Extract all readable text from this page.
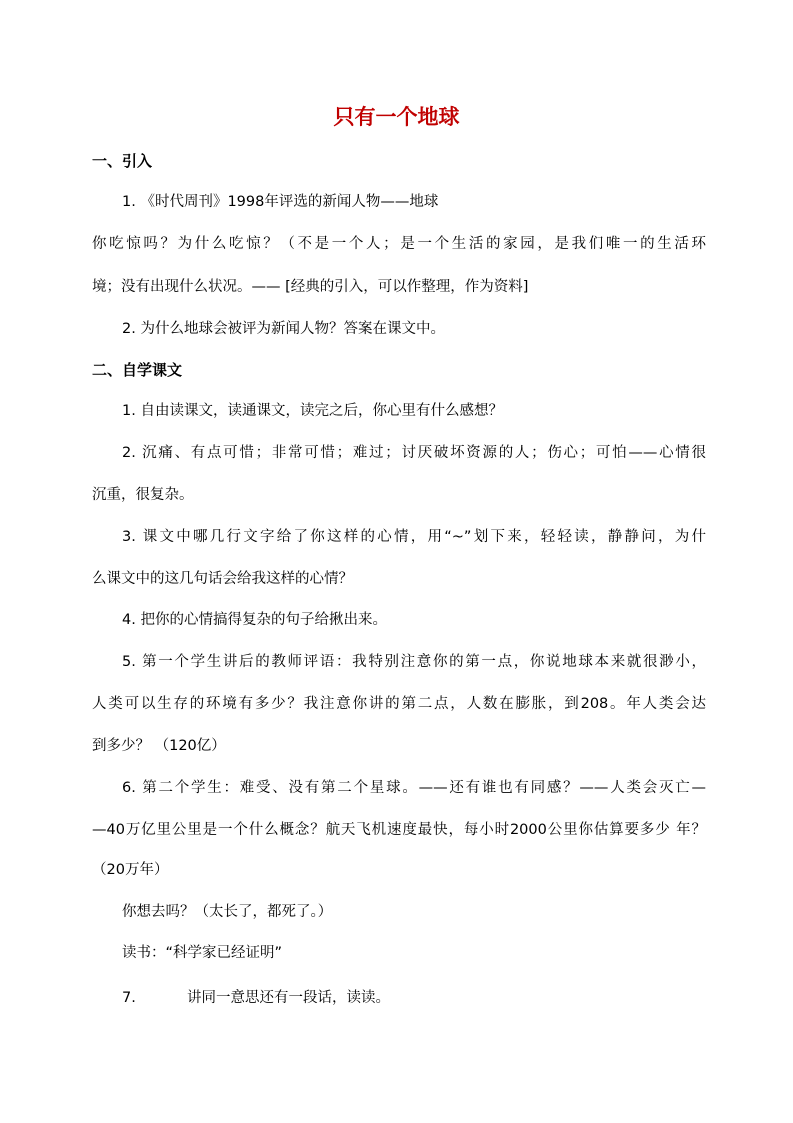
只有一个地球
一、引入
1. 《时代周刊》1998年评选的新闻人物——地球
你吃惊吗？为什么吃惊？（不是一个人；是一个生活的家园，是我们唯一的生活环
境；没有出现什么状况。—— [经典的引入，可以作整理，作为资料]
2. 为什么地球会被评为新闻人物？答案在课文中。
二、自学课文
1. 自由读课文，读通课文，读完之后，你心里有什么感想？
2. 沉痛、有点可惜；非常可惜；难过；讨厌破坏资源的人；伤心；可怕——心情很
沉重，很复杂。
3. 课文中哪几行文字给了你这样的心情，用“~”划下来，轻轻读，静静问，为什
么课文中的这几句话会给我这样的心情？
4. 把你的心情搞得复杂的句子给揪出来。
5. 第一个学生讲后的教师评语：我特别注意你的第一点，你说地球本来就很渺小，
人类可以生存的环境有多少？我注意你讲的第二点，人数在膨胀，到208。年人类会达
到多少？ （120亿）
6. 第二个学生：难受、没有第二个星球。——还有谁也有同感？——人类会灭亡—
—40万亿里公里是一个什么概念？航天飞机速度最快，每小时2000公里你估算要多少 年？
（20万年）
你想去吗？（太长了，都死了。）
读书：“科学家已经证明”
7.	讲同一意思还有一段话，读读。
